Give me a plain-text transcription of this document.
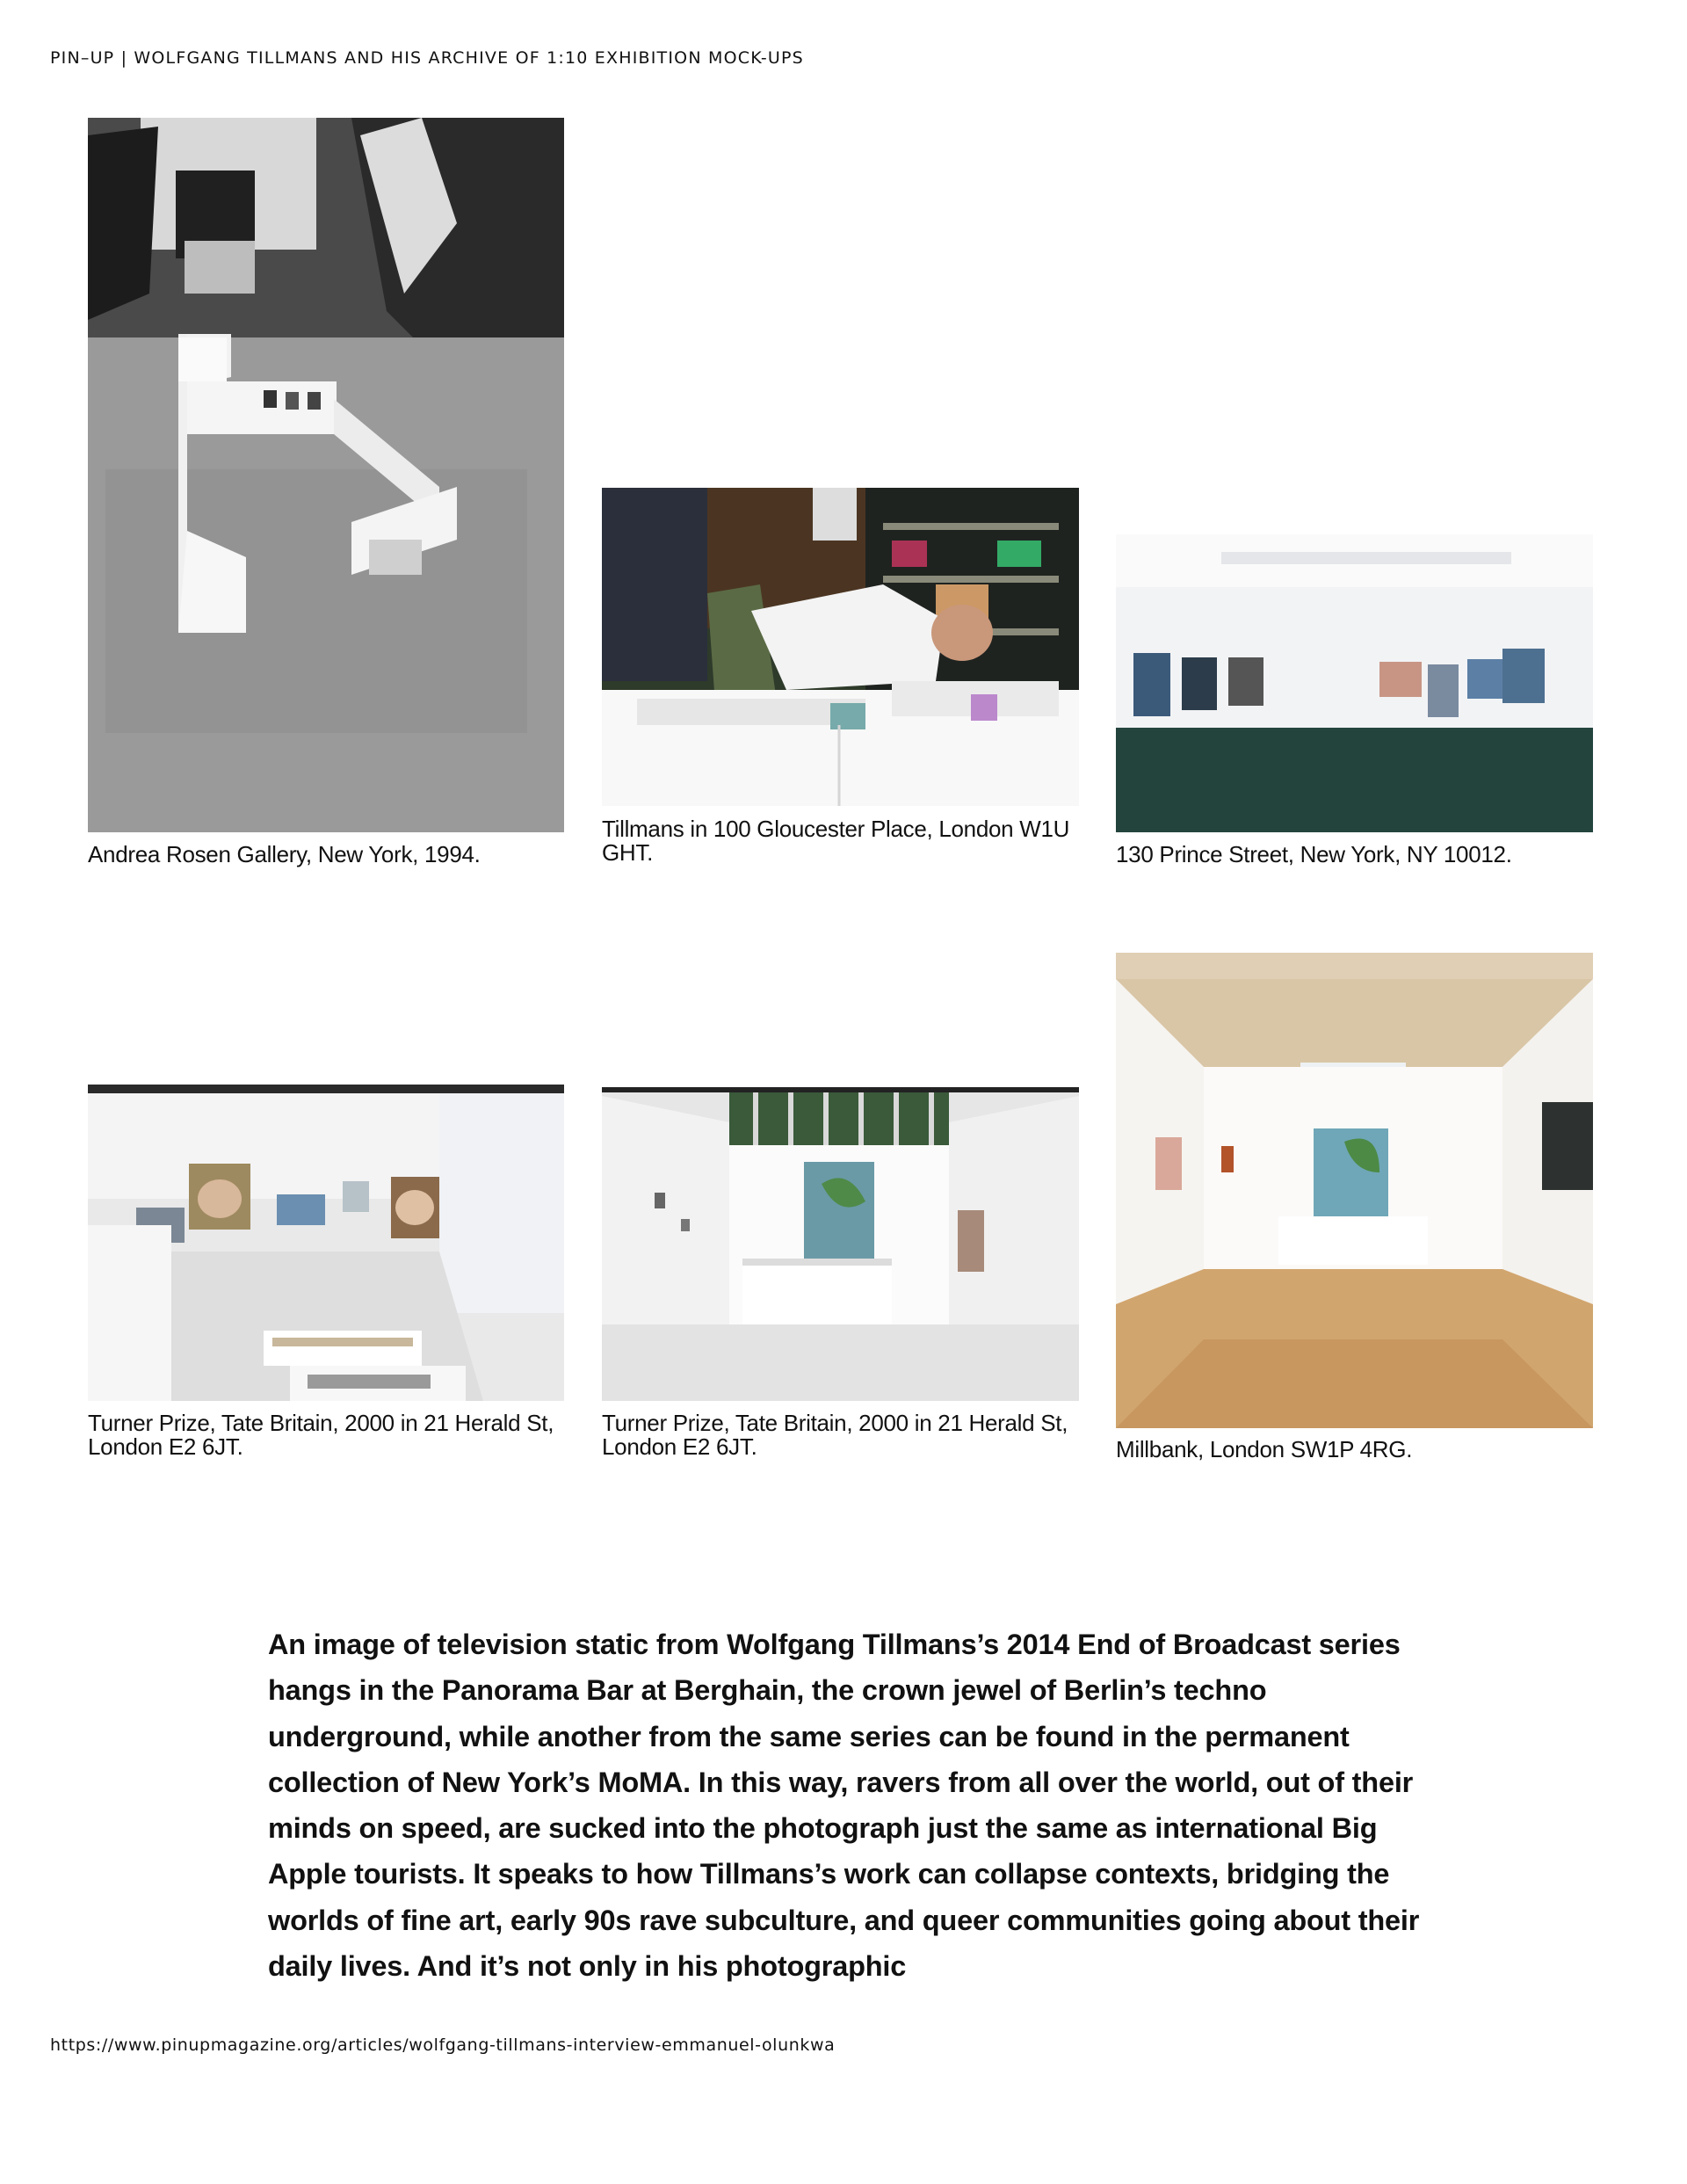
PIN–UP | WOLFGANG TILLMANS AND HIS ARCHIVE OF 1:10 EXHIBITION MOCK-UPS
Andrea Rosen Gallery, New York, 1994.
Tillmans in 100 Gloucester Place, London W1U GHT.	130 Prince Street, New York, NY 10012.
Turner Prize, Tate Britain, 2000 in 21 Herald St, London E2 6JT.
Turner Prize, Tate Britain, 2000 in 21 Herald St, London E2 6JT.	Millbank, London SW1P 4RG.
An image of television static from Wolfgang Tillmans’s 2014 End of Broadcast series hangs in the Panorama Bar at Berghain, the crown jewel of Berlin’s techno underground, while another from the same series can be found in the permanent collection of New York’s MoMA. In this way, ravers from all over the world, out of their minds on speed, are sucked into the photograph just the same as international Big Apple tourists. It speaks to how Tillmans’s work can collapse contexts, bridging the worlds of fine art, early 90s rave subculture, and queer communities going about their daily lives. And it’s not only in his photographic
https://www.pinupmagazine.org/articles/wolfgang-tillmans-interview-emmanuel-olunkwa
